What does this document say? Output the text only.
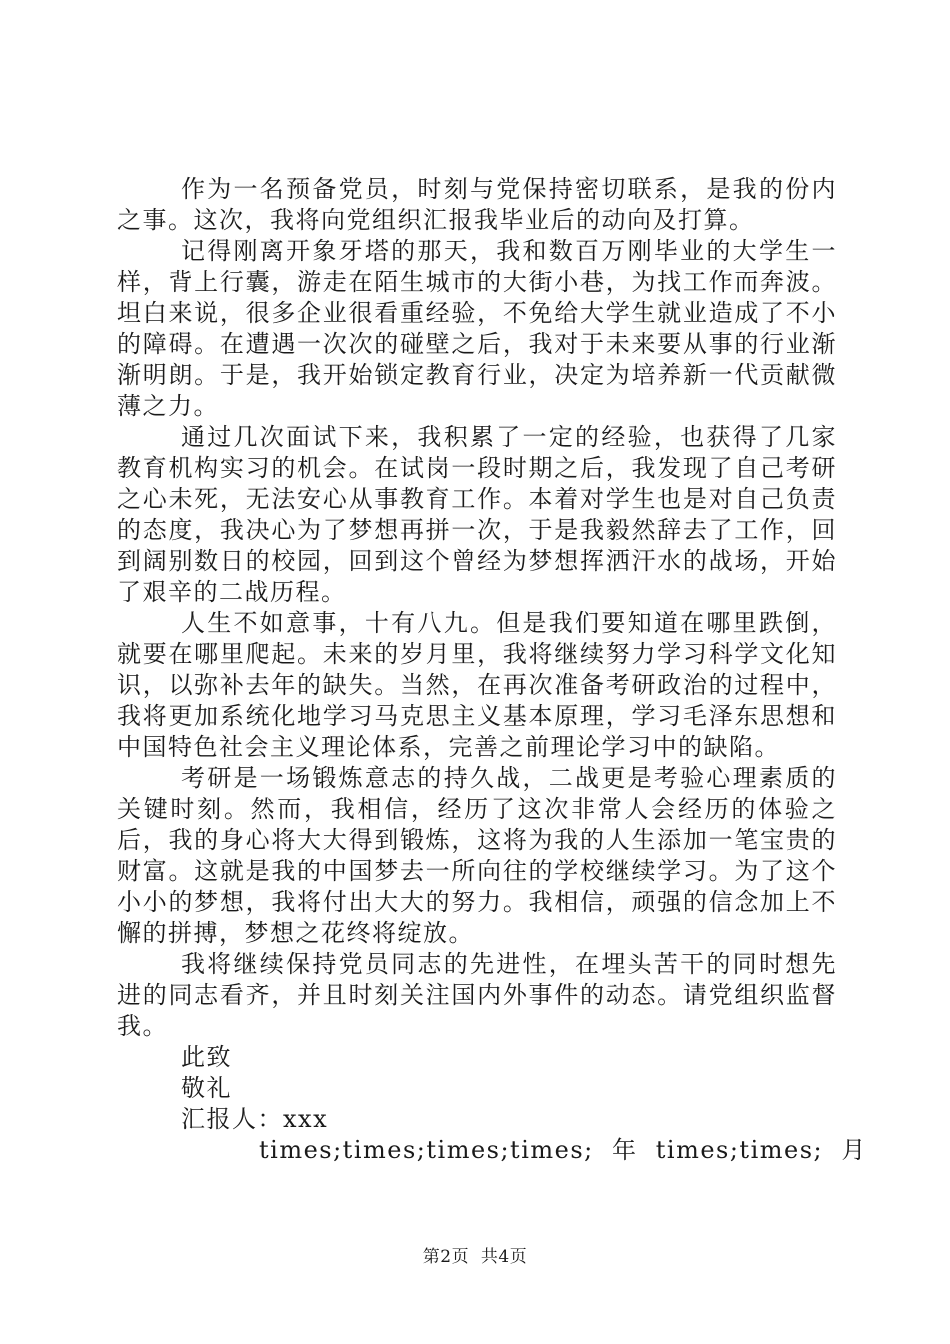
作为一名预备党员，时刻与党保持密切联系，是我的份内之事。这次，我将向党组织汇报我毕业后的动向及打算。

记得刚离开象牙塔的那天，我和数百万刚毕业的大学生一样，背上行囊，游走在陌生城市的大街小巷，为找工作而奔波。坦白来说，很多企业很看重经验，不免给大学生就业造成了不小的障碍。在遭遇一次次的碰壁之后，我对于未来要从事的行业渐渐明朗。于是，我开始锁定教育行业，决定为培养新一代贡献微薄之力。

通过几次面试下来，我积累了一定的经验，也获得了几家教育机构实习的机会。在试岗一段时期之后，我发现了自己考研之心未死，无法安心从事教育工作。本着对学生也是对自己负责的态度，我决心为了梦想再拼一次，于是我毅然辞去了工作，回到阔别数日的校园，回到这个曾经为梦想挥洒汗水的战场，开始了艰辛的二战历程。

人生不如意事，十有八九。但是我们要知道在哪里跌倒，就要在哪里爬起。未来的岁月里，我将继续努力学习科学文化知识，以弥补去年的缺失。当然，在再次准备考研政治的过程中，我将更加系统化地学习马克思主义基本原理，学习毛泽东思想和中国特色社会主义理论体系，完善之前理论学习中的缺陷。

考研是一场锻炼意志的持久战，二战更是考验心理素质的关键时刻。然而，我相信，经历了这次非常人会经历的体验之后，我的身心将大大得到锻炼，这将为我的人生添加一笔宝贵的财富。这就是我的中国梦去一所向往的学校继续学习。为了这个小小的梦想，我将付出大大的努力。我相信，顽强的信念加上不懈的拼搏，梦想之花终将绽放。

我将继续保持党员同志的先进性，在埋头苦干的同时想先进的同志看齐，并且时刻关注国内外事件的动态。请党组织监督我。

此致

敬礼

汇报人：xxx

times;times;times;times;  年  times;times;  月

第2页  共4页
